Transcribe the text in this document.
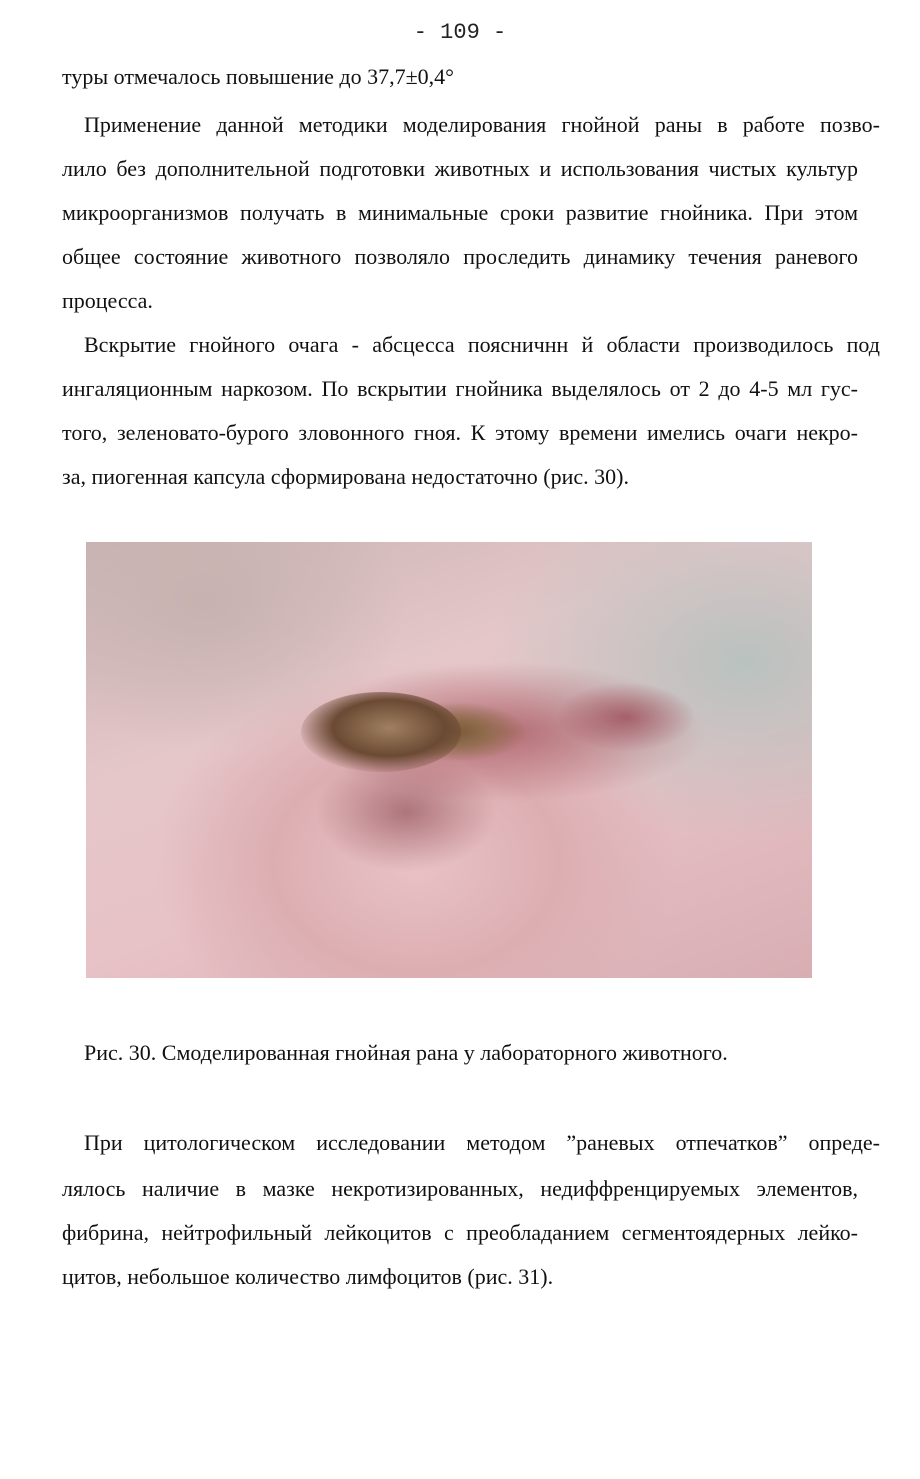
- 109 -
туры отмечалось повышение до 37,7±0,4°
Применение данной методики моделирования гнойной раны в работе позво-
лило без дополнительной подготовки животных и использования чистых культур
микроорганизмов получать в минимальные сроки развитие гнойника. При этом
общее состояние животного позволяло проследить динамику течения раневого
процесса.
Вскрытие гнойного очага - абсцесса поясничнн й области производилось под
ингаляционным наркозом. По вскрытии гнойника выделялось от 2 до 4-5 мл гус-
того, зеленовато-бурого зловонного гноя. К этому времени имелись очаги некро-
за, пиогенная капсула сформирована недостаточно (рис. 30).
Рис. 30. Смоделированная гнойная рана у лабораторного животного.
При цитологическом исследовании методом ”раневых отпечатков” опреде-
лялось наличие в мазке некротизированных, недиффренцируемых элементов,
фибрина, нейтрофильный лейкоцитов с преобладанием сегментоядерных лейко-
цитов, небольшое количество лимфоцитов (рис. 31).
